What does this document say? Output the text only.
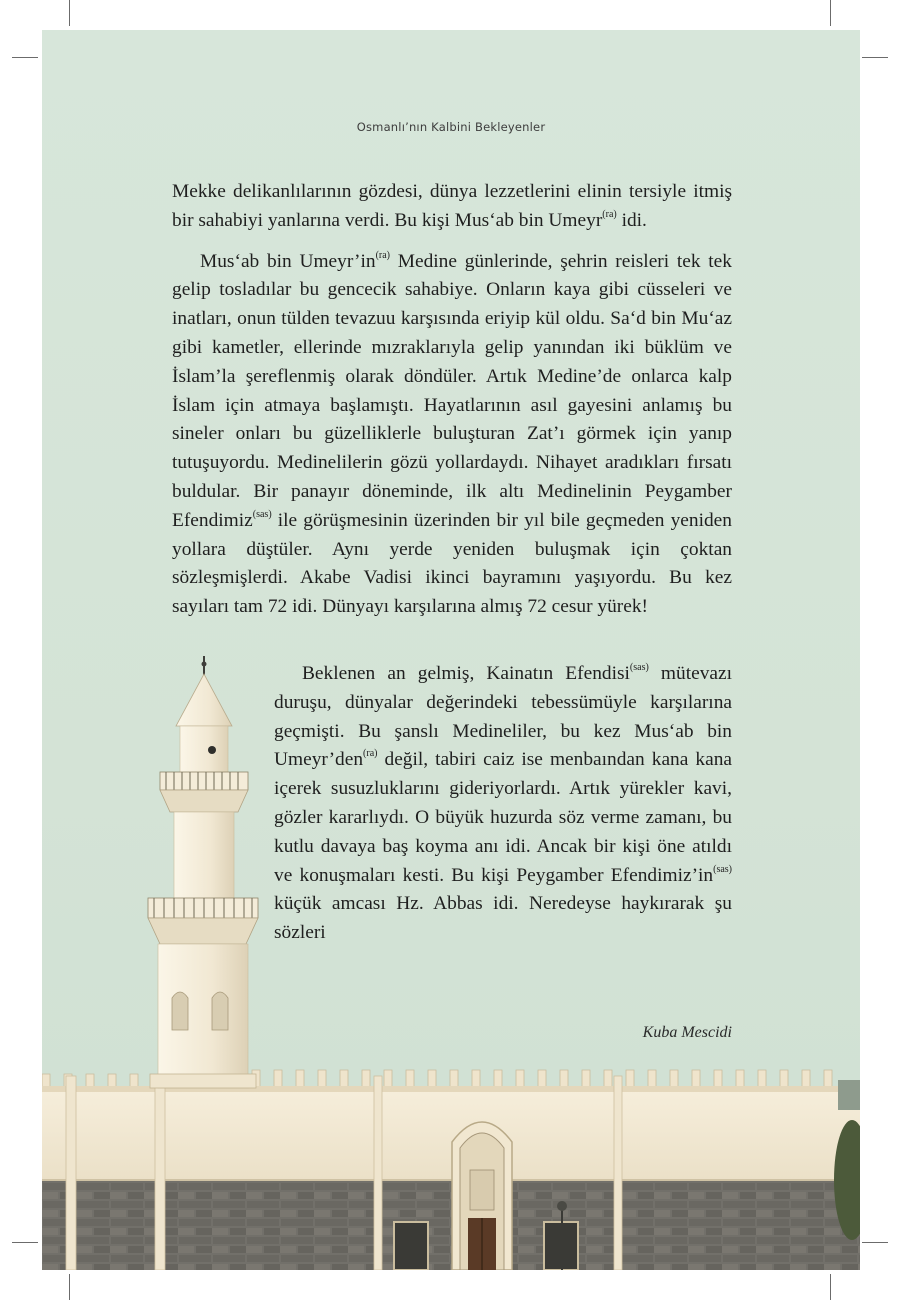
Osmanlı’nın Kalbini Bekleyenler

Mekke delikanlılarının gözdesi, dünya lezzetlerini elinin tersiyle itmiş bir sahabiyi yanlarına verdi. Bu kişi Mus‘ab bin Umeyr$^{(ra)}$ idi.

Mus‘ab bin $Umeyr’in^{(ra)}$ Medine günlerinde, şehrin reisleri tek tek gelip tosladılar bu gencecik sahabiye. Onların kaya gibi cüsseleri ve inatları, onun tülden tevazuu karşısında eriyip kül oldu. Sa‘d bin Mu‘az gibi kametler, ellerinde mızraklarıyla gelip yanından iki büklüm ve İslam’la şereflenmiş olarak döndüler. Artık Medine’de onlarca kalp İslam için atmaya başlamıştı. Hayatlarının asıl gayesini anlamış bu sineler onları bu güzelliklerle buluşturan Zat’ı görmek için yanıp tutuşuyordu. Medinelilerin gözü yollardaydı. Nihayet aradıkları fırsatı buldular. Bir panayır döneminde, ilk altı Medinelinin Peygamber Efendimiz$^{(sas)}$ ile görüşmesinin üzerinden bir yıl bile geçmeden yeniden yollara düştüler. Aynı yerde yeniden buluşmak için çoktan sözleşmişlerdi. Akabe Vadisi ikinci bayramını yaşıyordu. Bu kez sayıları tam 72 idi. Dünyayı karşılarına almış 72 cesur yürek!

Beklenen an gelmiş, Kainatın Efendisi$^{(sas)}$ mütevazı duruşu, dünyalar değerindeki tebessümüyle karşılarına geçmişti. Bu şanslı Medineliler, bu kez Mus‘ab bin Umeyr’den$^{(ra)}$ değil, tabiri caiz ise menbaından kana kana içerek susuzluklarını gideriyorlardı. Artık yürekler kavi, gözler kararlıydı. O büyük huzurda söz verme zamanı, bu kutlu davaya baş koyma anı idi. Ancak bir kişi öne atıldı ve konuşmaları kesti. Bu kişi Peygamber $Efendimiz’in^{(sas)}$ küçük amcası Hz. Abbas idi. Neredeyse haykırarak şu sözleri

Kuba Mescidi
